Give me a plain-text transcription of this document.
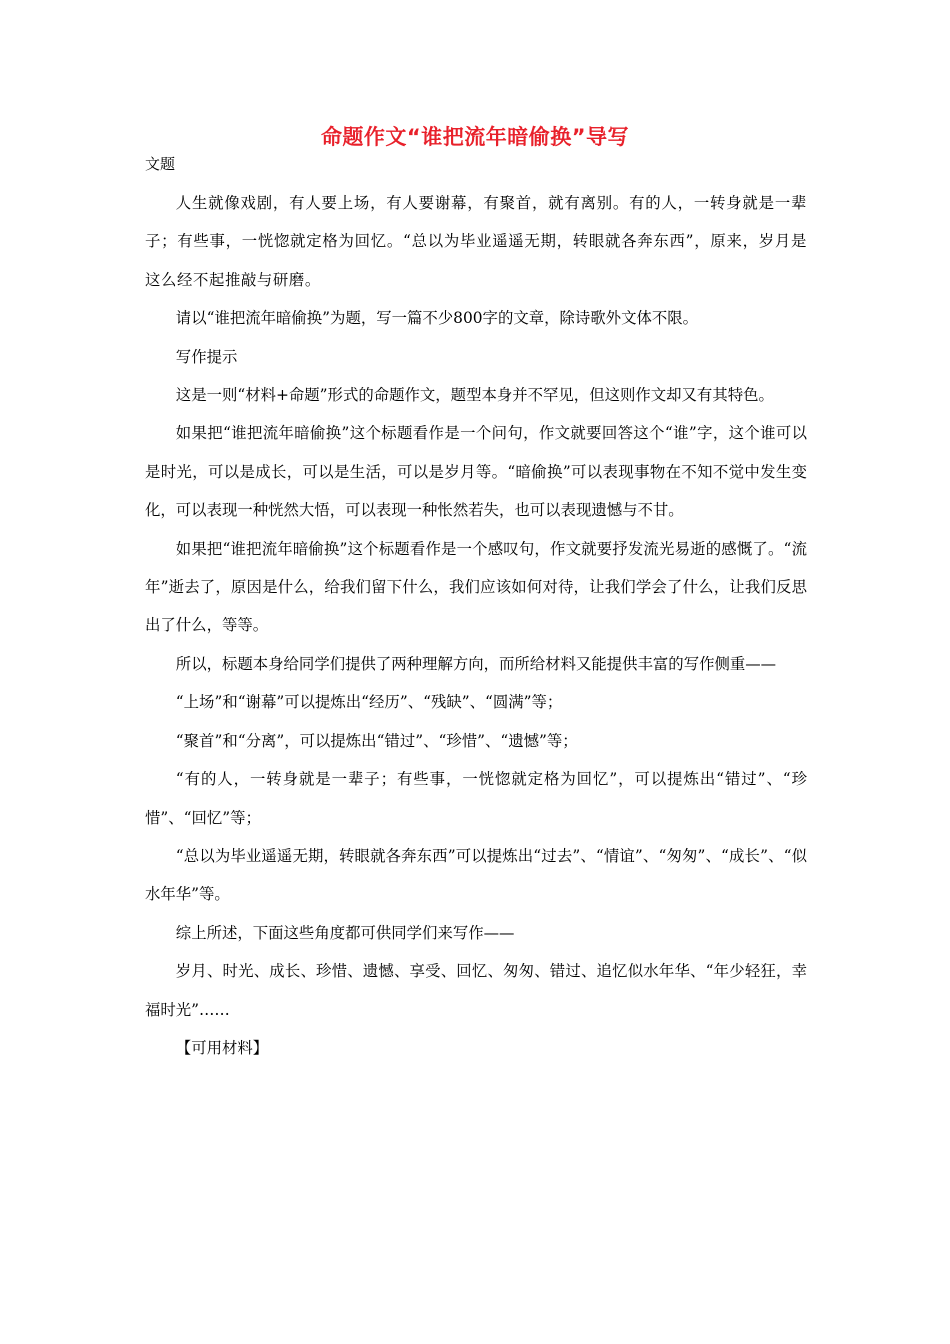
命题作文“谁把流年暗偷换”导写
文题

人生就像戏剧，有人要上场，有人要谢幕，有聚首，就有离别。有的人，一转身就是一辈子；有些事，一恍惚就定格为回忆。“总以为毕业遥遥无期，转眼就各奔东西”，原来，岁月是这么经不起推敲与研磨。

请以“谁把流年暗偷换”为题，写一篇不少800字的文章，除诗歌外文体不限。

写作提示

这是一则“材料+命题”形式的命题作文，题型本身并不罕见，但这则作文却又有其特色。

如果把“谁把流年暗偷换”这个标题看作是一个问句，作文就要回答这个“谁”字，这个谁可以是时光，可以是成长，可以是生活，可以是岁月等。“暗偷换”可以表现事物在不知不觉中发生变化，可以表现一种恍然大悟，可以表现一种怅然若失，也可以表现遗憾与不甘。

如果把“谁把流年暗偷换”这个标题看作是一个感叹句，作文就要抒发流光易逝的感慨了。“流年”逝去了，原因是什么，给我们留下什么，我们应该如何对待，让我们学会了什么，让我们反思出了什么，等等。

所以，标题本身给同学们提供了两种理解方向，而所给材料又能提供丰富的写作侧重——

“上场”和“谢幕”可以提炼出“经历”、“残缺”、“圆满”等；

“聚首”和“分离”，可以提炼出“错过”、“珍惜”、“遗憾”等；

“有的人，一转身就是一辈子；有些事，一恍惚就定格为回忆”，可以提炼出“错过”、“珍惜”、“回忆”等；

“总以为毕业遥遥无期，转眼就各奔东西”可以提炼出“过去”、“情谊”、“匆匆”、“成长”、“似水年华”等。

综上所述，下面这些角度都可供同学们来写作——

岁月、时光、成长、珍惜、遗憾、享受、回忆、匆匆、错过、追忆似水年华、“年少轻狂，幸福时光”……

【可用材料】
